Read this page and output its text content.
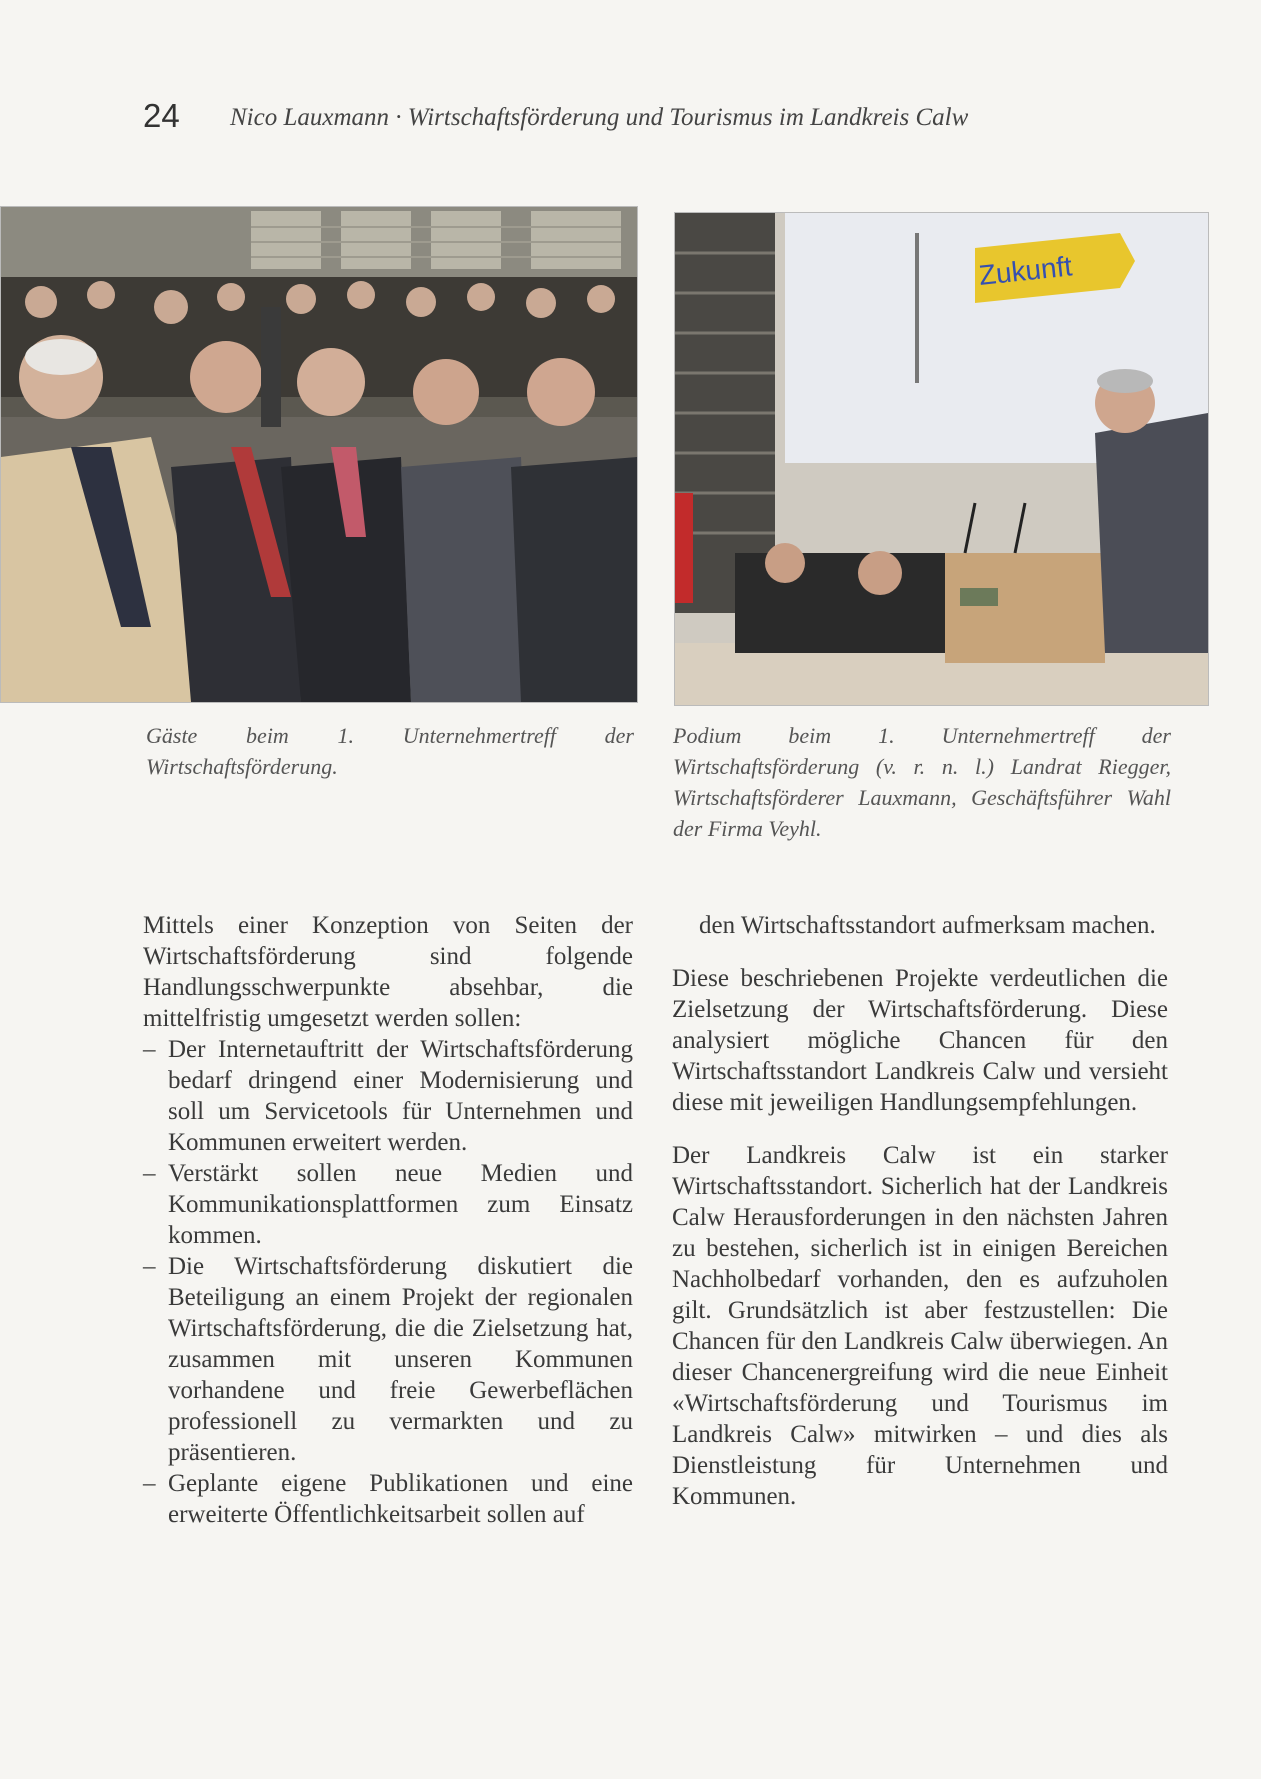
24 Nico Lauxmann · Wirtschaftsförderung und Tourismus im Landkreis Calw
Zukunft
Gäste beim 1. Unternehmertreff der Wirtschaftsförderung.
Podium beim 1. Unternehmertreff der Wirtschaftsförderung (v. r. n. l.) Landrat Riegger, Wirtschaftsförderer Lauxmann, Geschäftsführer Wahl der Firma Veyhl.

Mittels einer Konzeption von Seiten der Wirtschaftsförderung sind folgende Handlungsschwerpunkte absehbar, die mittelfristig umgesetzt werden sollen:

– Der Internetauftritt der Wirtschaftsförderung bedarf dringend einer Modernisierung und soll um Servicetools für Unternehmen und Kommunen erweitert werden.
– Verstärkt sollen neue Medien und Kommunikationsplattformen zum Einsatz kommen.
– Die Wirtschaftsförderung diskutiert die Beteiligung an einem Projekt der regionalen Wirtschaftsförderung, die die Zielsetzung hat, zusammen mit unseren Kommunen vorhandene und freie Gewerbeflächen professionell zu vermarkten und zu präsentieren.
– Geplante eigene Publikationen und eine erweiterte Öffentlichkeitsarbeit sollen auf
den Wirtschaftsstandort aufmerksam machen.

Diese beschriebenen Projekte verdeutlichen die Zielsetzung der Wirtschaftsförderung. Diese analysiert mögliche Chancen für den Wirtschaftsstandort Landkreis Calw und versieht diese mit jeweiligen Handlungsempfehlungen.

Der Landkreis Calw ist ein starker Wirtschaftsstandort. Sicherlich hat der Landkreis Calw Herausforderungen in den nächsten Jahren zu bestehen, sicherlich ist in einigen Bereichen Nachholbedarf vorhanden, den es aufzuholen gilt. Grundsätzlich ist aber festzustellen: Die Chancen für den Landkreis Calw überwiegen. An dieser Chancenergreifung wird die neue Einheit «Wirtschaftsförderung und Tourismus im Landkreis Calw» mitwirken – und dies als Dienstleistung für Unternehmen und Kommunen.
